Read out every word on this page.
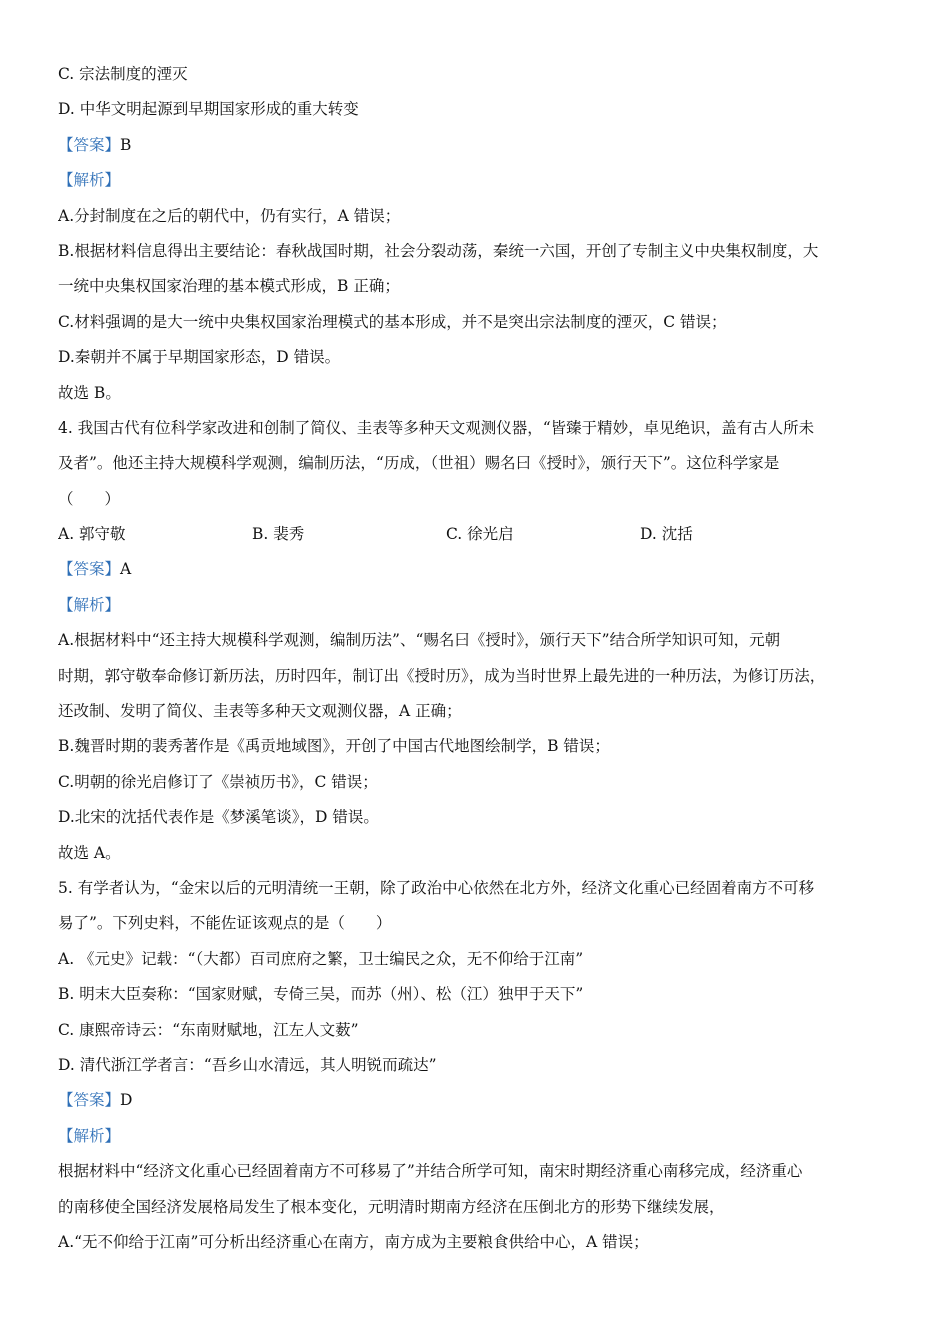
C. 宗法制度的湮灭
D. 中华文明起源到早期国家形成的重大转变
【答案】B
【解析】
A.分封制度在之后的朝代中，仍有实行，A 错误；
B.根据材料信息得出主要结论：春秋战国时期，社会分裂动荡，秦统一六国，开创了专制主义中央集权制度，大
一统中央集权国家治理的基本模式形成，B 正确；
C.材料强调的是大一统中央集权国家治理模式的基本形成，并不是突出宗法制度的湮灭，C 错误；
D.秦朝并不属于早期国家形态，D 错误。
故选 B。
4. 我国古代有位科学家改进和创制了简仪、圭表等多种天文观测仪器，“皆臻于精妙，卓见绝识，盖有古人所未
及者”。他还主持大规模科学观测，编制历法，“历成，（世祖）赐名曰《授时》，颁行天下”。这位科学家是
（　　）
A. 郭守敬	B. 裴秀	C. 徐光启	D. 沈括
【答案】A
【解析】
A.根据材料中“还主持大规模科学观测，编制历法”、“赐名曰《授时》，颁行天下”结合所学知识可知，元朝
时期，郭守敬奉命修订新历法，历时四年，制订出《授时历》，成为当时世界上最先进的一种历法，为修订历法，
还改制、发明了简仪、圭表等多种天文观测仪器，A 正确；
B.魏晋时期的裴秀著作是《禹贡地域图》，开创了中国古代地图绘制学，B 错误；
C.明朝的徐光启修订了《崇祯历书》，C 错误；
D.北宋的沈括代表作是《梦溪笔谈》，D 错误。
故选 A。
5. 有学者认为，“金宋以后的元明清统一王朝，除了政治中心依然在北方外，经济文化重心已经固着南方不可移
易了”。下列史料，不能佐证该观点的是（　　）
A. 《元史》记载：“（大都）百司庶府之繁，卫士编民之众，无不仰给于江南”
B. 明末大臣奏称：“国家财赋，专倚三吴，而苏（州）、松（江）独甲于天下”
C. 康熙帝诗云：“东南财赋地，江左人文薮”
D. 清代浙江学者言：“吾乡山水清远，其人明锐而疏达”
【答案】D
【解析】
根据材料中“经济文化重心已经固着南方不可移易了”并结合所学可知，南宋时期经济重心南移完成，经济重心
的南移使全国经济发展格局发生了根本变化，元明清时期南方经济在压倒北方的形势下继续发展，
A.“无不仰给于江南”可分析出经济重心在南方，南方成为主要粮食供给中心，A 错误；
